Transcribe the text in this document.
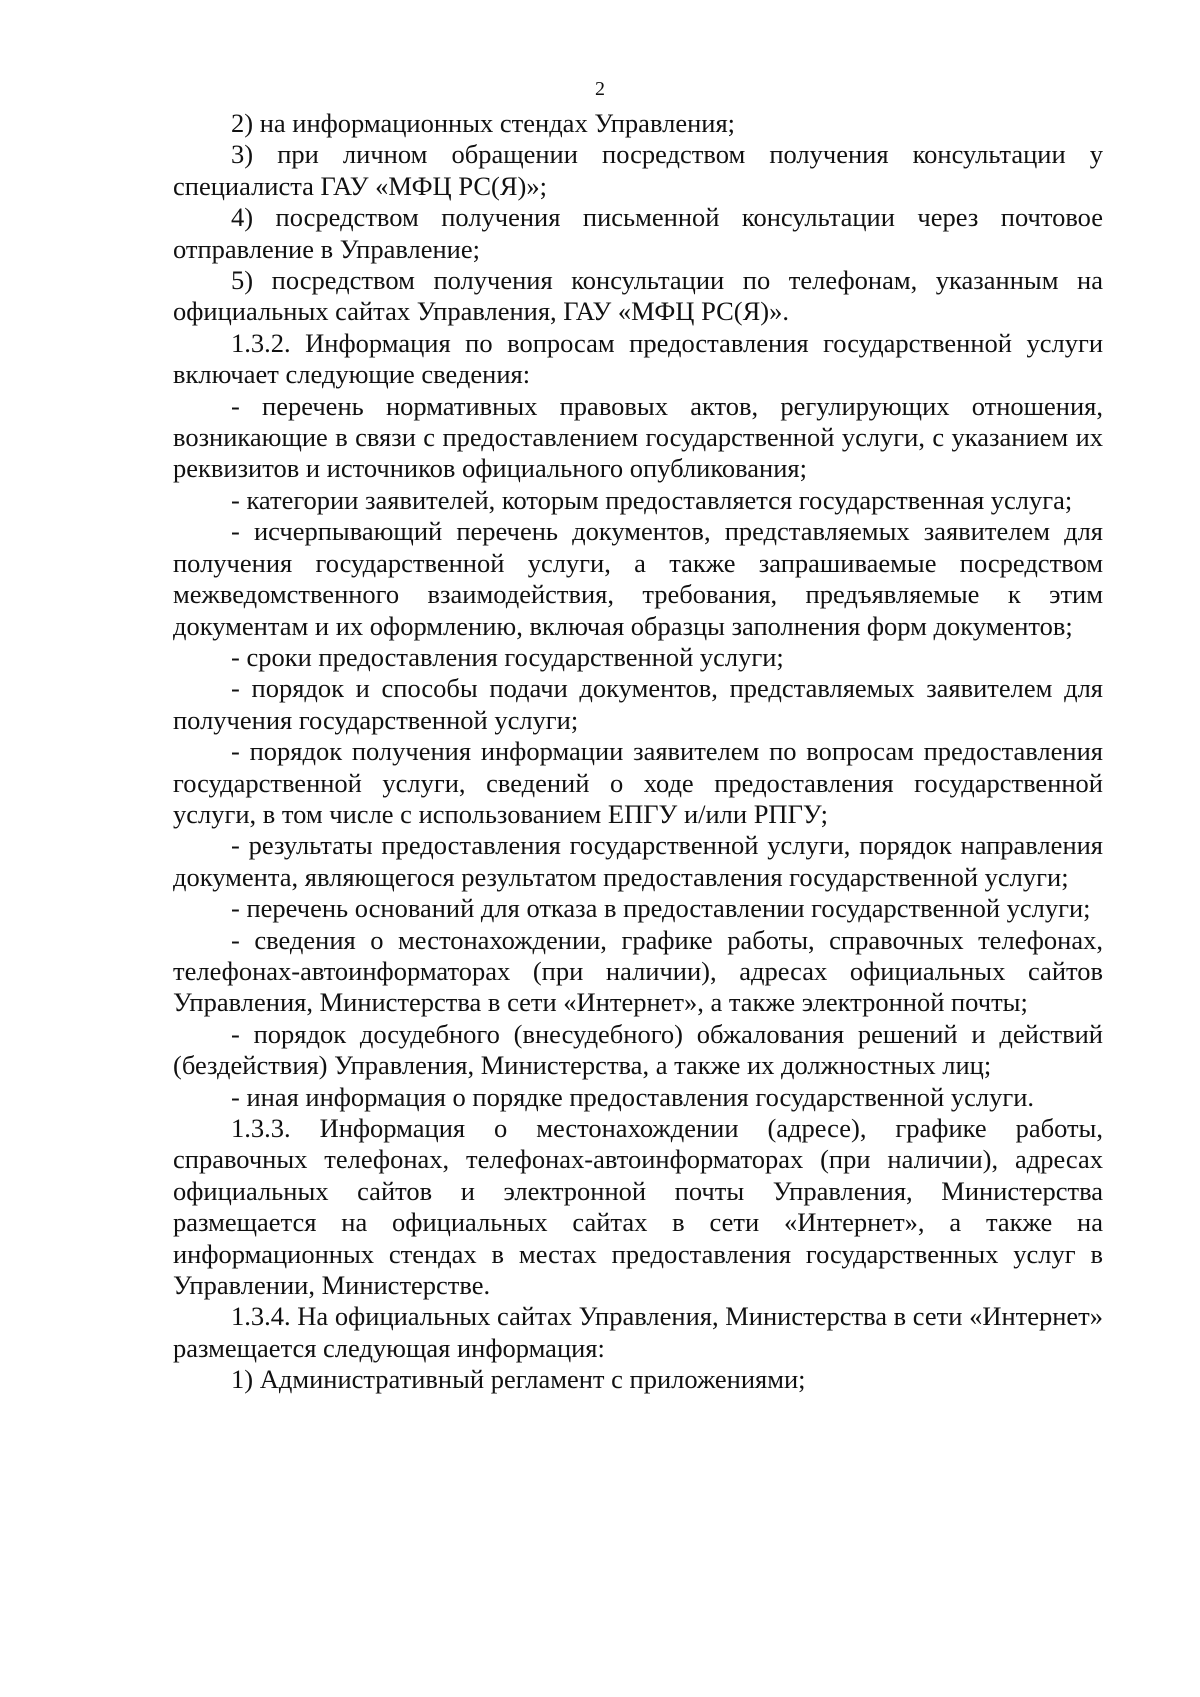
2

2) на информационных стендах Управления;

3) при личном обращении посредством получения консультации у специалиста ГАУ «МФЦ РС(Я)»;

4) посредством получения письменной консультации через почтовое отправление в Управление;

5) посредством получения консультации по телефонам, указанным на официальных сайтах Управления, ГАУ «МФЦ РС(Я)».

1.3.2. Информация по вопросам предоставления государственной услуги включает следующие сведения:

- перечень нормативных правовых актов, регулирующих отношения, возникающие в связи с предоставлением государственной услуги, с указанием их реквизитов и источников официального опубликования;

- категории заявителей, которым предоставляется государственная услуга;

- исчерпывающий перечень документов, представляемых заявителем для получения государственной услуги, а также запрашиваемые посредством межведомственного взаимодействия, требования, предъявляемые к этим документам и их оформлению, включая образцы заполнения форм документов;

- сроки предоставления государственной услуги;

- порядок и способы подачи документов, представляемых заявителем для получения государственной услуги;

- порядок получения информации заявителем по вопросам предоставления государственной услуги, сведений о ходе предоставления государственной услуги, в том числе с использованием ЕПГУ и/или РПГУ;

- результаты предоставления государственной услуги, порядок направления документа, являющегося результатом предоставления государственной услуги;

- перечень оснований для отказа в предоставлении государственной услуги;

- сведения о местонахождении, графике работы, справочных телефонах, телефонах-автоинформаторах (при наличии), адресах официальных сайтов Управления, Министерства в сети «Интернет», а также электронной почты;

- порядок досудебного (внесудебного) обжалования решений и действий (бездействия) Управления, Министерства, а также их должностных лиц;

- иная информация о порядке предоставления государственной услуги.

1.3.3. Информация о местонахождении (адресе), графике работы, справочных телефонах, телефонах-автоинформаторах (при наличии), адресах официальных сайтов и электронной почты Управления, Министерства размещается на официальных сайтах в сети «Интернет», а также на информационных стендах в местах предоставления государственных услуг в Управлении, Министерстве.

1.3.4. На официальных сайтах Управления, Министерства в сети «Интернет» размещается следующая информация:

1) Административный регламент с приложениями;
